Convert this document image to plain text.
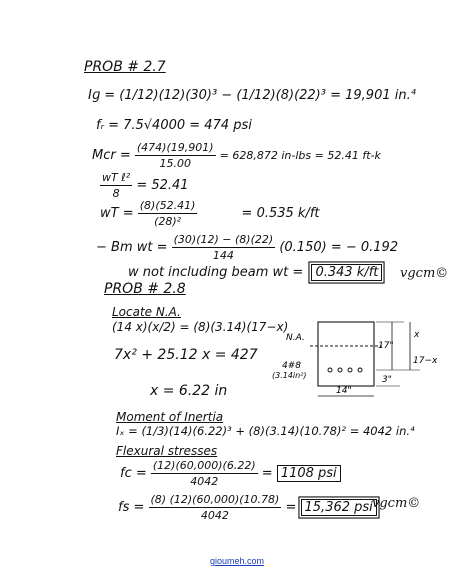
PROB # 2.7
Iɡ = (1/12)(12)(30)³ − (1/12)(8)(22)³ = 19,901 in.⁴
fᵣ = 7.5√4000 = 474 psi
Mcr = $\frac{(474)(19,901)}{15.00} = 628,872$ in-lbs = 52.41 ft-k
$\frac{\text{wT ℓ²}}{8} = 52.41$
wT = $\frac{(8)(52.41)}{\text{(28)²}}$	= 0.535 k/ft
− Bm wt = $\frac{(30)(12) - (8)(22)}{144} (0.150)$ = − 0.192
w not including beam wt = 0.343 k/ft	vgcm©
PROB # 2.8
Locate N.A.
(14 x)(x/2) = (8)(3.14)(17−x)
7x² + 25.12 x = 427
x = 6.22 in
Moment of Inertia
Iₓ = (1/3)(14)(6.22)³ + (8)(3.14)(10.78)² = 4042 in.⁴
Flexural stresses
fc = $\frac{(12)(60,000)(6.22)}{4042} = 1108$ psi
fs = $\frac{(8) (12)(60,000)(10.78)}{4042} = 15,362$ psi vgcm©
N.A.	x
17"
17−x
4#8
(3.14in²)	3"
14"
gioumeh.com
